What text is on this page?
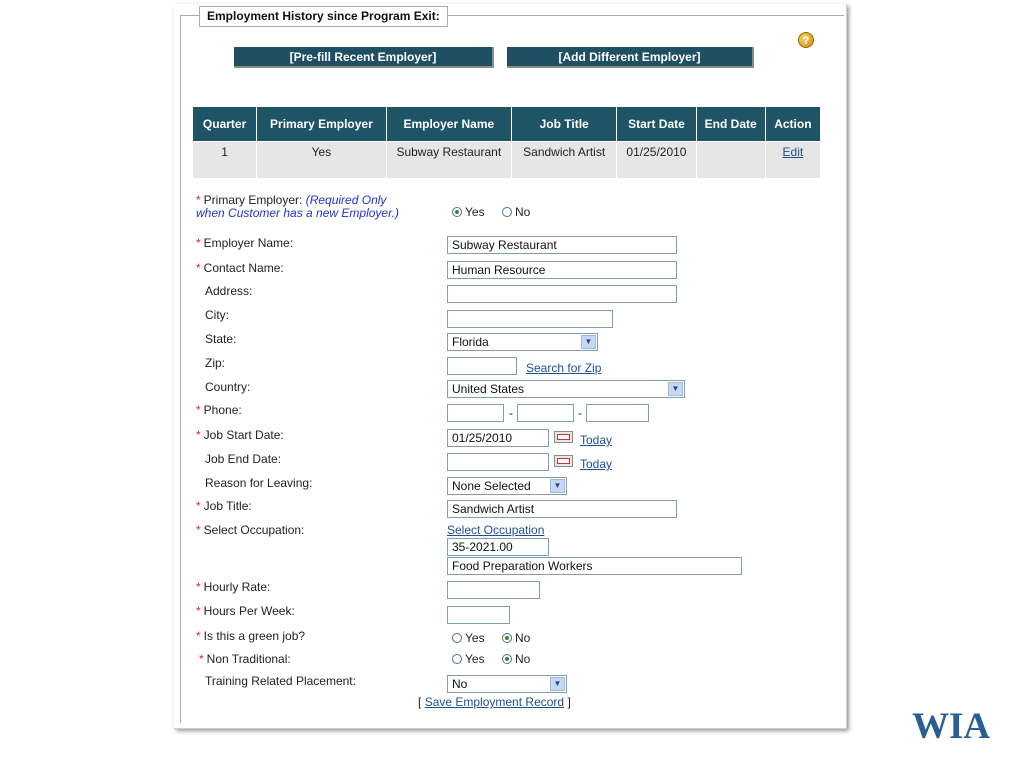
Employment History since Program Exit:
?
[Pre-fill Recent Employer]	[Add Different Employer]
Quarter	Primary Employer	Employer Name	Job Title	Start Date	End Date	Action
1	Yes	Subway Restaurant	Sandwich Artist	01/25/2010		Edit
* Primary Employer: (Required Only when Customer has a new Employer.)	Yes	No
* Employer Name:	Subway Restaurant
* Contact Name:	Human Resource
Address:
City:
State:	Florida	▼
Zip:	Search for Zip
Country:	United States	▼
* Phone:	-	-
* Job Start Date:	01/25/2010	Today
Job End Date:	Today
Reason for Leaving:	None Selected	▼
* Job Title:	Sandwich Artist
* Select Occupation:	Select Occupation
35-2021.00
Food Preparation Workers
* Hourly Rate:
* Hours Per Week:
* Is this a green job?	Yes	No
* Non Traditional:	Yes	No
Training Related Placement:	No	▼
[ Save Employment Record ]
WIA
